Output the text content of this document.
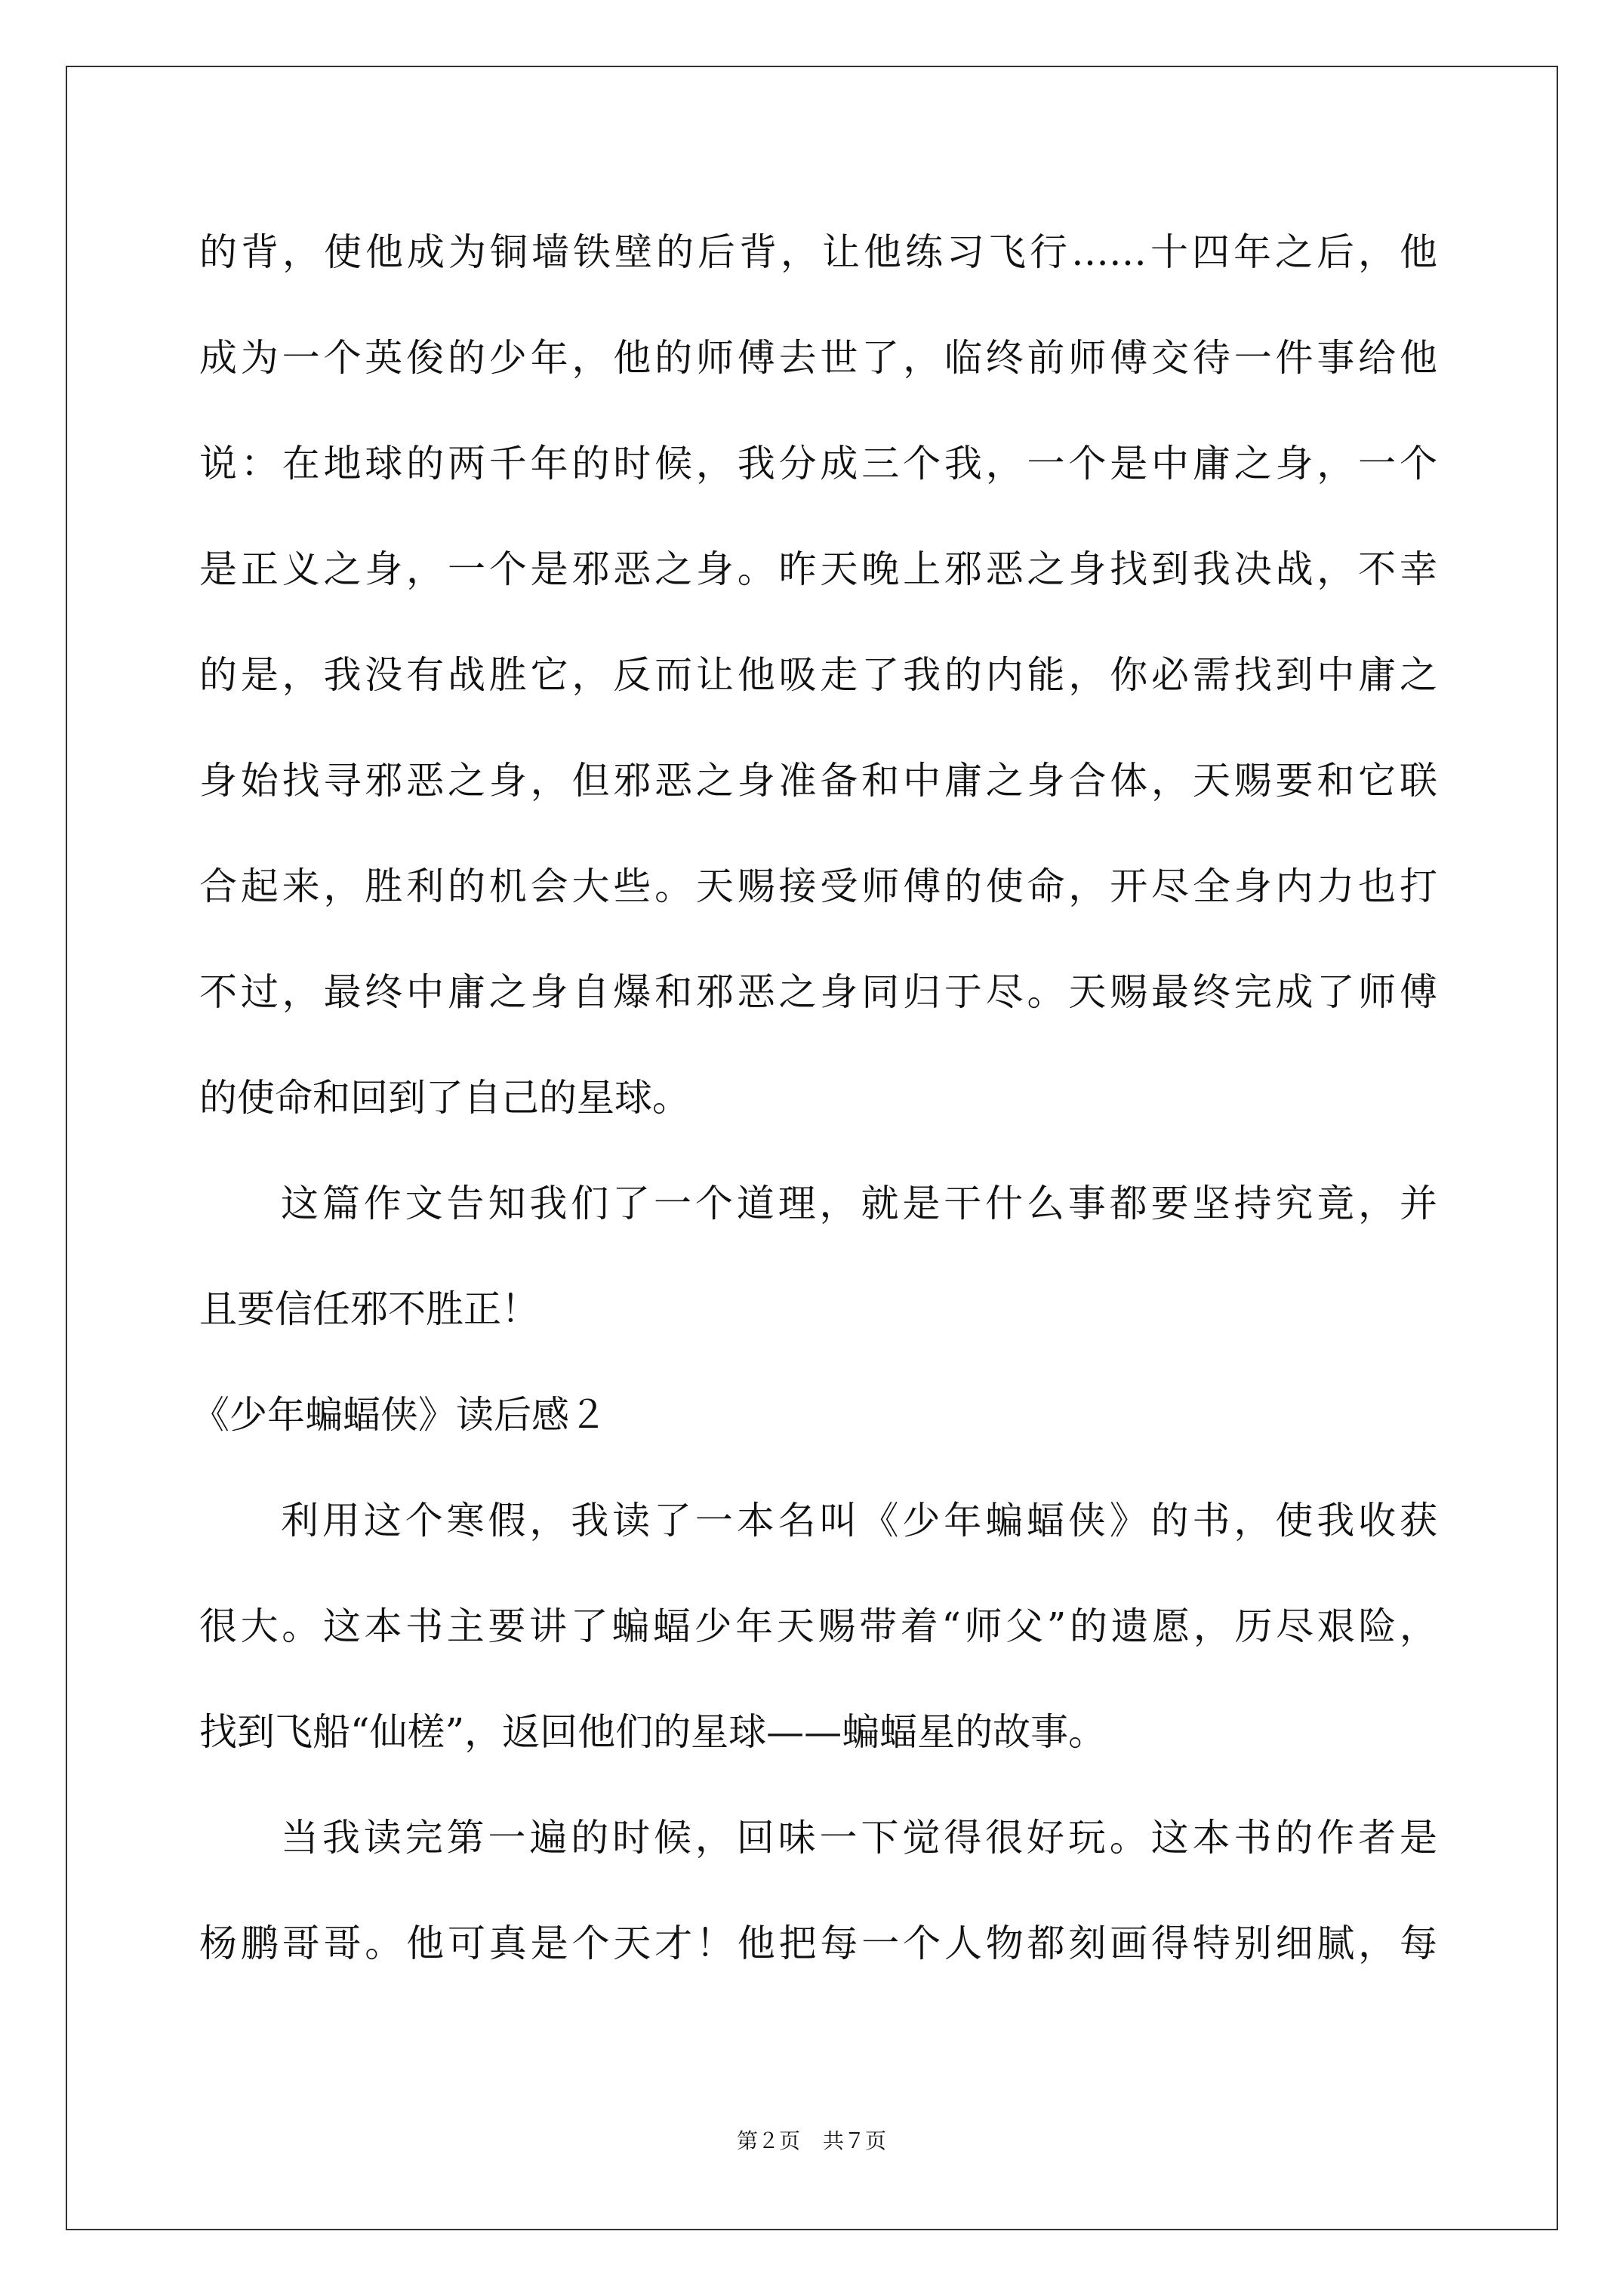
的背，使他成为铜墙铁壁的后背，让他练习飞行……十四年之后，他
成为一个英俊的少年，他的师傅去世了，临终前师傅交待一件事给他
说：在地球的两千年的时候，我分成三个我，一个是中庸之身，一个
是正义之身，一个是邪恶之身。昨天晚上邪恶之身找到我决战，不幸
的是，我没有战胜它，反而让他吸走了我的内能，你必需找到中庸之
身始找寻邪恶之身，但邪恶之身准备和中庸之身合体，天赐要和它联
合起来，胜利的机会大些。天赐接受师傅的使命，开尽全身内力也打
不过，最终中庸之身自爆和邪恶之身同归于尽。天赐最终完成了师傅
的使命和回到了自己的星球。
这篇作文告知我们了一个道理，就是干什么事都要坚持究竟，并
且要信任邪不胜正！
《少年蝙蝠侠》读后感２
利用这个寒假，我读了一本名叫《少年蝙蝠侠》的书，使我收获
很大。这本书主要讲了蝙蝠少年天赐带着“师父”的遗愿，历尽艰险，
找到飞船“仙槎”，返回他们的星球——蝙蝠星的故事。
当我读完第一遍的时候，回味一下觉得很好玩。这本书的作者是
杨鹏哥哥。他可真是个天才！他把每一个人物都刻画得特别细腻，每
第２页 共７页
